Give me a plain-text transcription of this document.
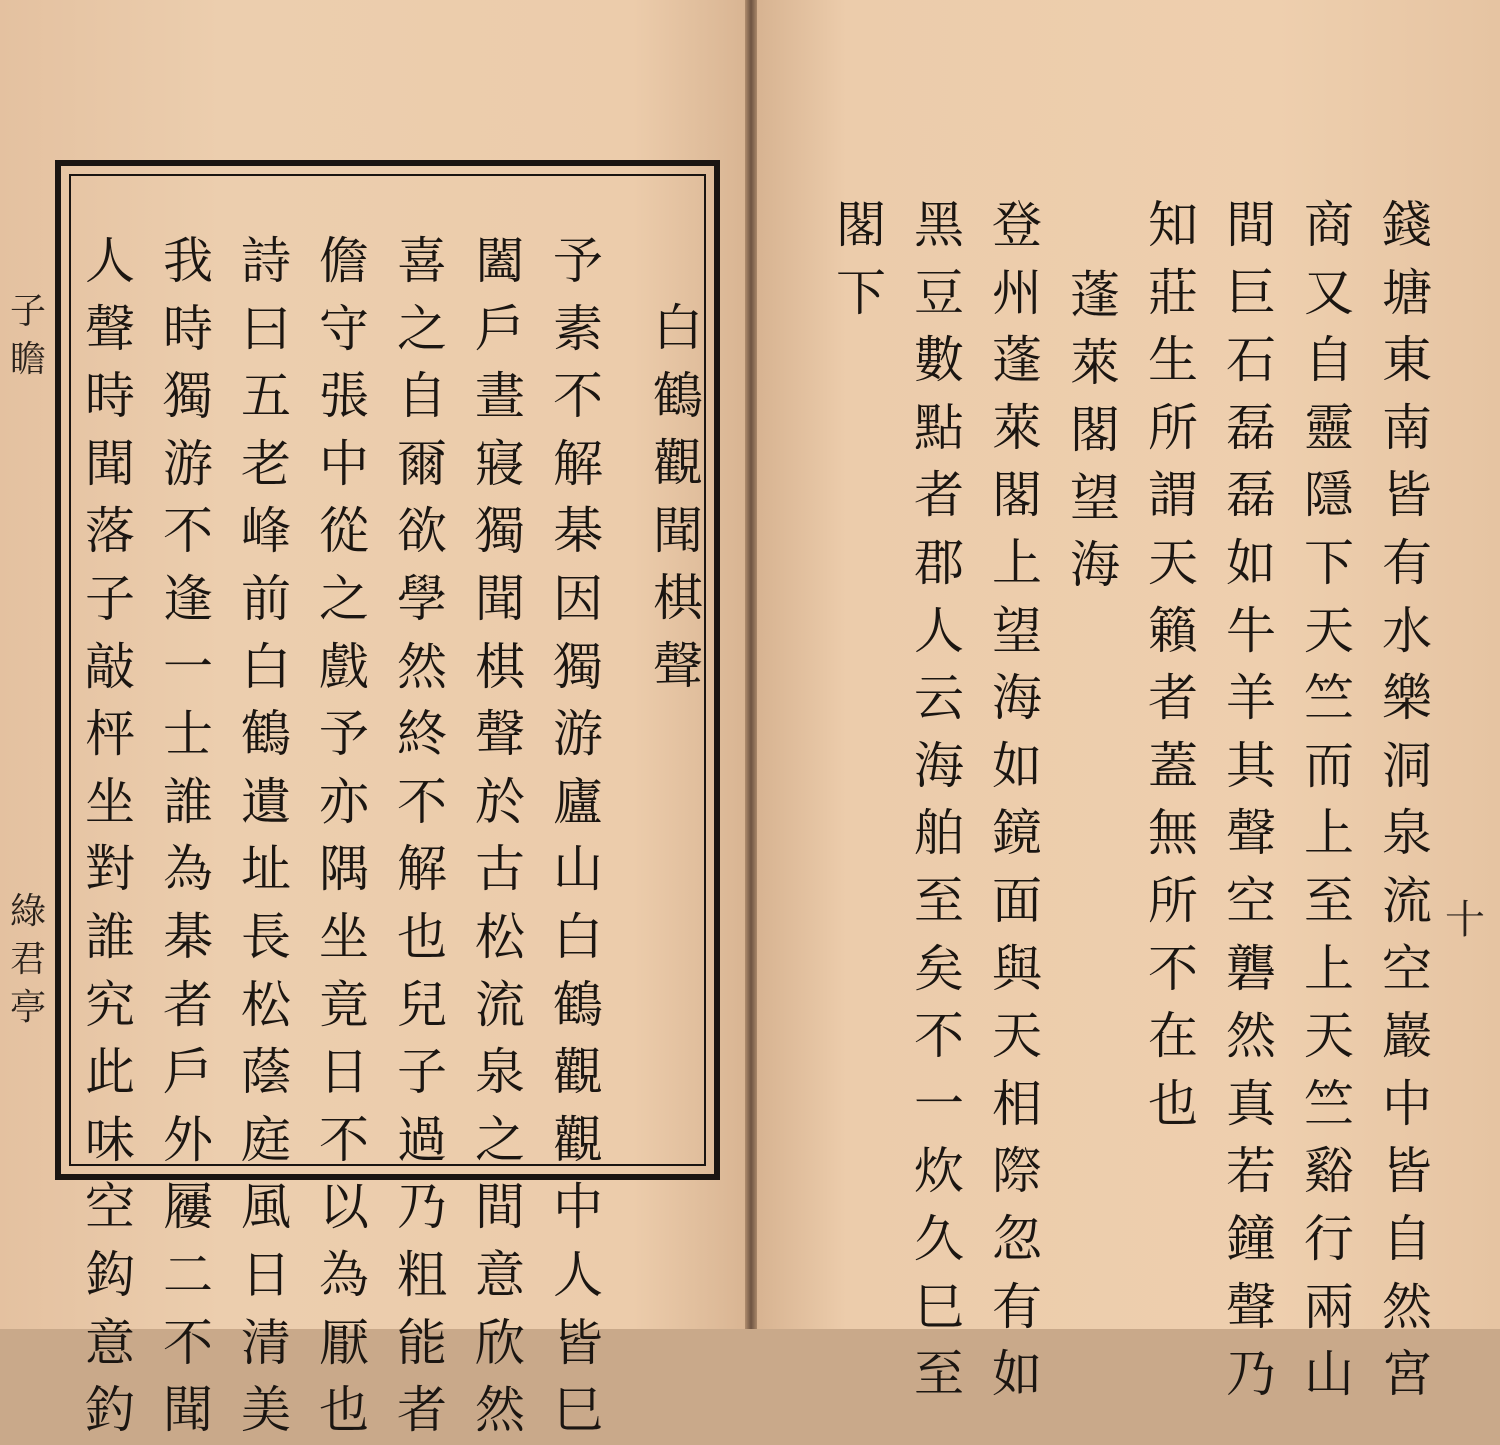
子
瞻
綠
君
亭
白
鶴
觀
聞
棋
聲
予
素
不
解
棊
因
獨
游
廬
山
白
鶴
觀
觀
中
人
皆
巳
闔
戶
晝
寢
獨
聞
棋
聲
於
古
松
流
泉
之
間
意
欣
然
喜
之
自
爾
欲
學
然
終
不
解
也
兒
子
過
乃
粗
能
者
儋
守
張
中
從
之
戲
予
亦
隅
坐
竟
日
不
以
為
厭
也
詩
曰
五
老
峰
前
白
鶴
遺
址
長
松
蔭
庭
風
日
清
美
我
時
獨
游
不
逢
一
士
誰
為
棊
者
戶
外
屨
二
不
聞
人
聲
時
聞
落
子
敲
枰
坐
對
誰
究
此
味
空
鈎
意
釣
錢
塘
東
南
皆
有
水
樂
洞
泉
流
空
巖
中
皆
自
然
宮
商
又
自
靈
隱
下
天
竺
而
上
至
上
天
竺
谿
行
兩
山
間
巨
石
磊
磊
如
牛
羊
其
聲
空
礱
然
真
若
鐘
聲
乃
知
莊
生
所
謂
天
籟
者
蓋
無
所
不
在
也
蓬
萊
閣
望
海
登
州
蓬
萊
閣
上
望
海
如
鏡
面
與
天
相
際
忽
有
如
黑
豆
數
點
者
郡
人
云
海
舶
至
矣
不
一
炊
久
巳
至
閣
下
十
